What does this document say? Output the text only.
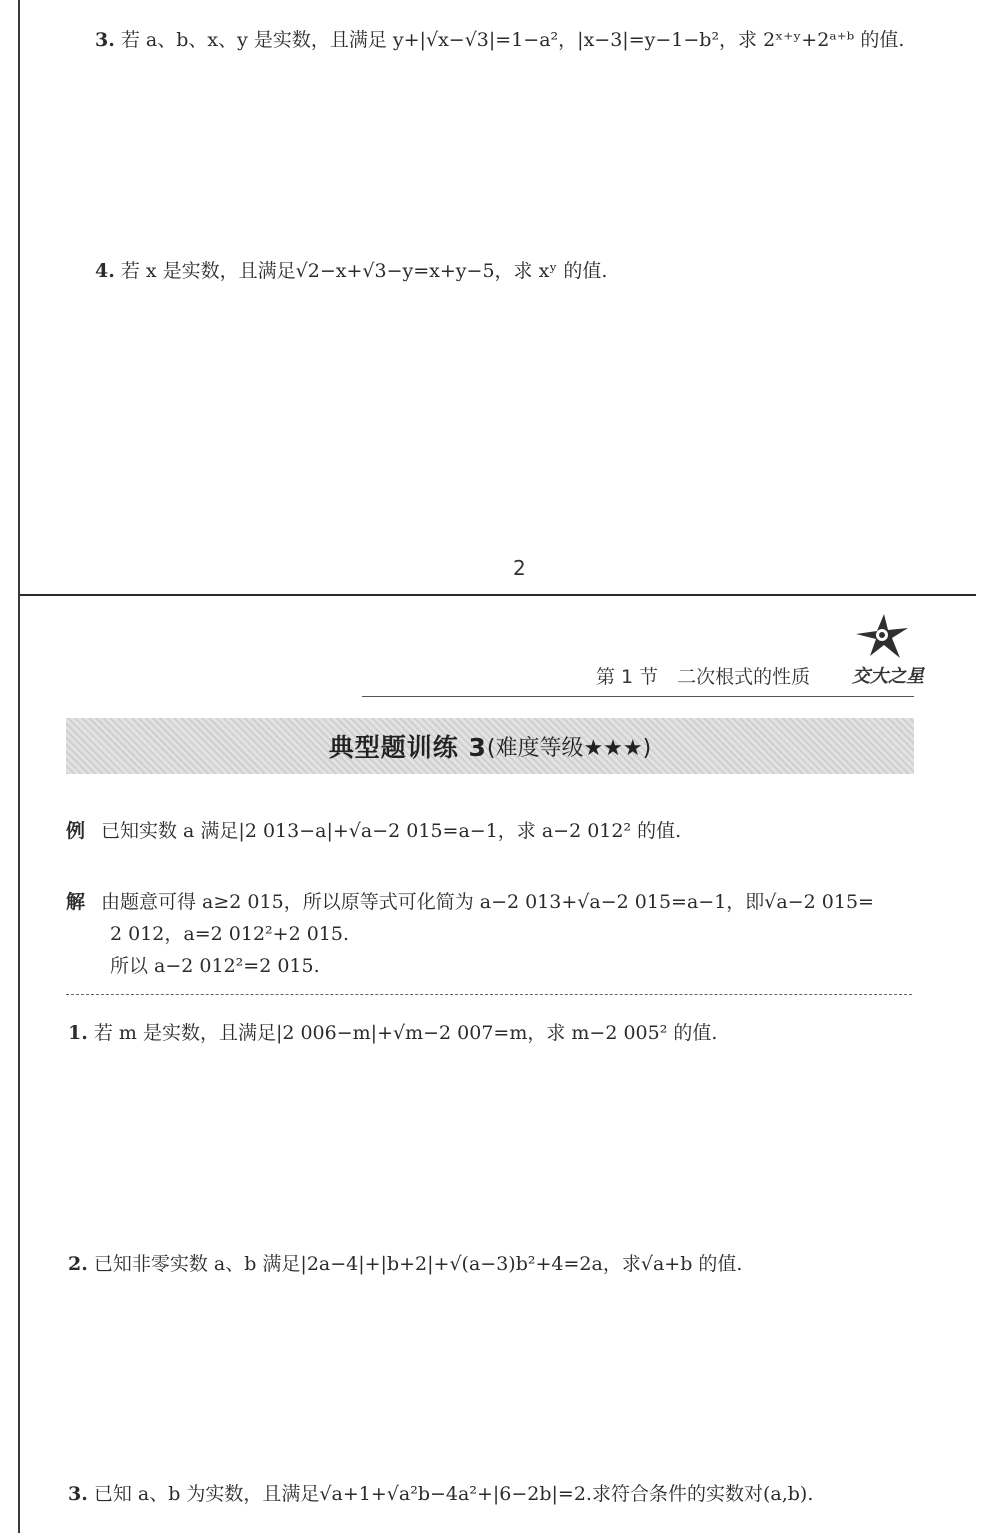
3. 若 a、b、x、y 是实数，且满足 y+|√x−√3|=1−a²，|x−3|=y−1−b²，求 2ˣ⁺ʸ+2ᵃ⁺ᵇ 的值.
4. 若 x 是实数，且满足√2−x+√3−y=x+y−5，求 xʸ 的值.
2
第 1 节　二次根式的性质 交大之星
典型题训练 3 (难度等级★★★)
例 已知实数 a 满足|2 013−a|+√a−2 015=a−1，求 a−2 012² 的值.
解 由题意可得 a≥2 015，所以原等式可化简为 a−2 013+√a−2 015=a−1，即√a−2 015=
2 012，a=2 012²+2 015.
所以 a−2 012²=2 015.
1. 若 m 是实数，且满足|2 006−m|+√m−2 007=m，求 m−2 005² 的值.
2. 已知非零实数 a、b 满足|2a−4|+|b+2|+√(a−3)b²+4=2a，求√a+b 的值.
3. 已知 a、b 为实数，且满足√a+1+√a²b−4a²+|6−2b|=2.求符合条件的实数对(a,b).
